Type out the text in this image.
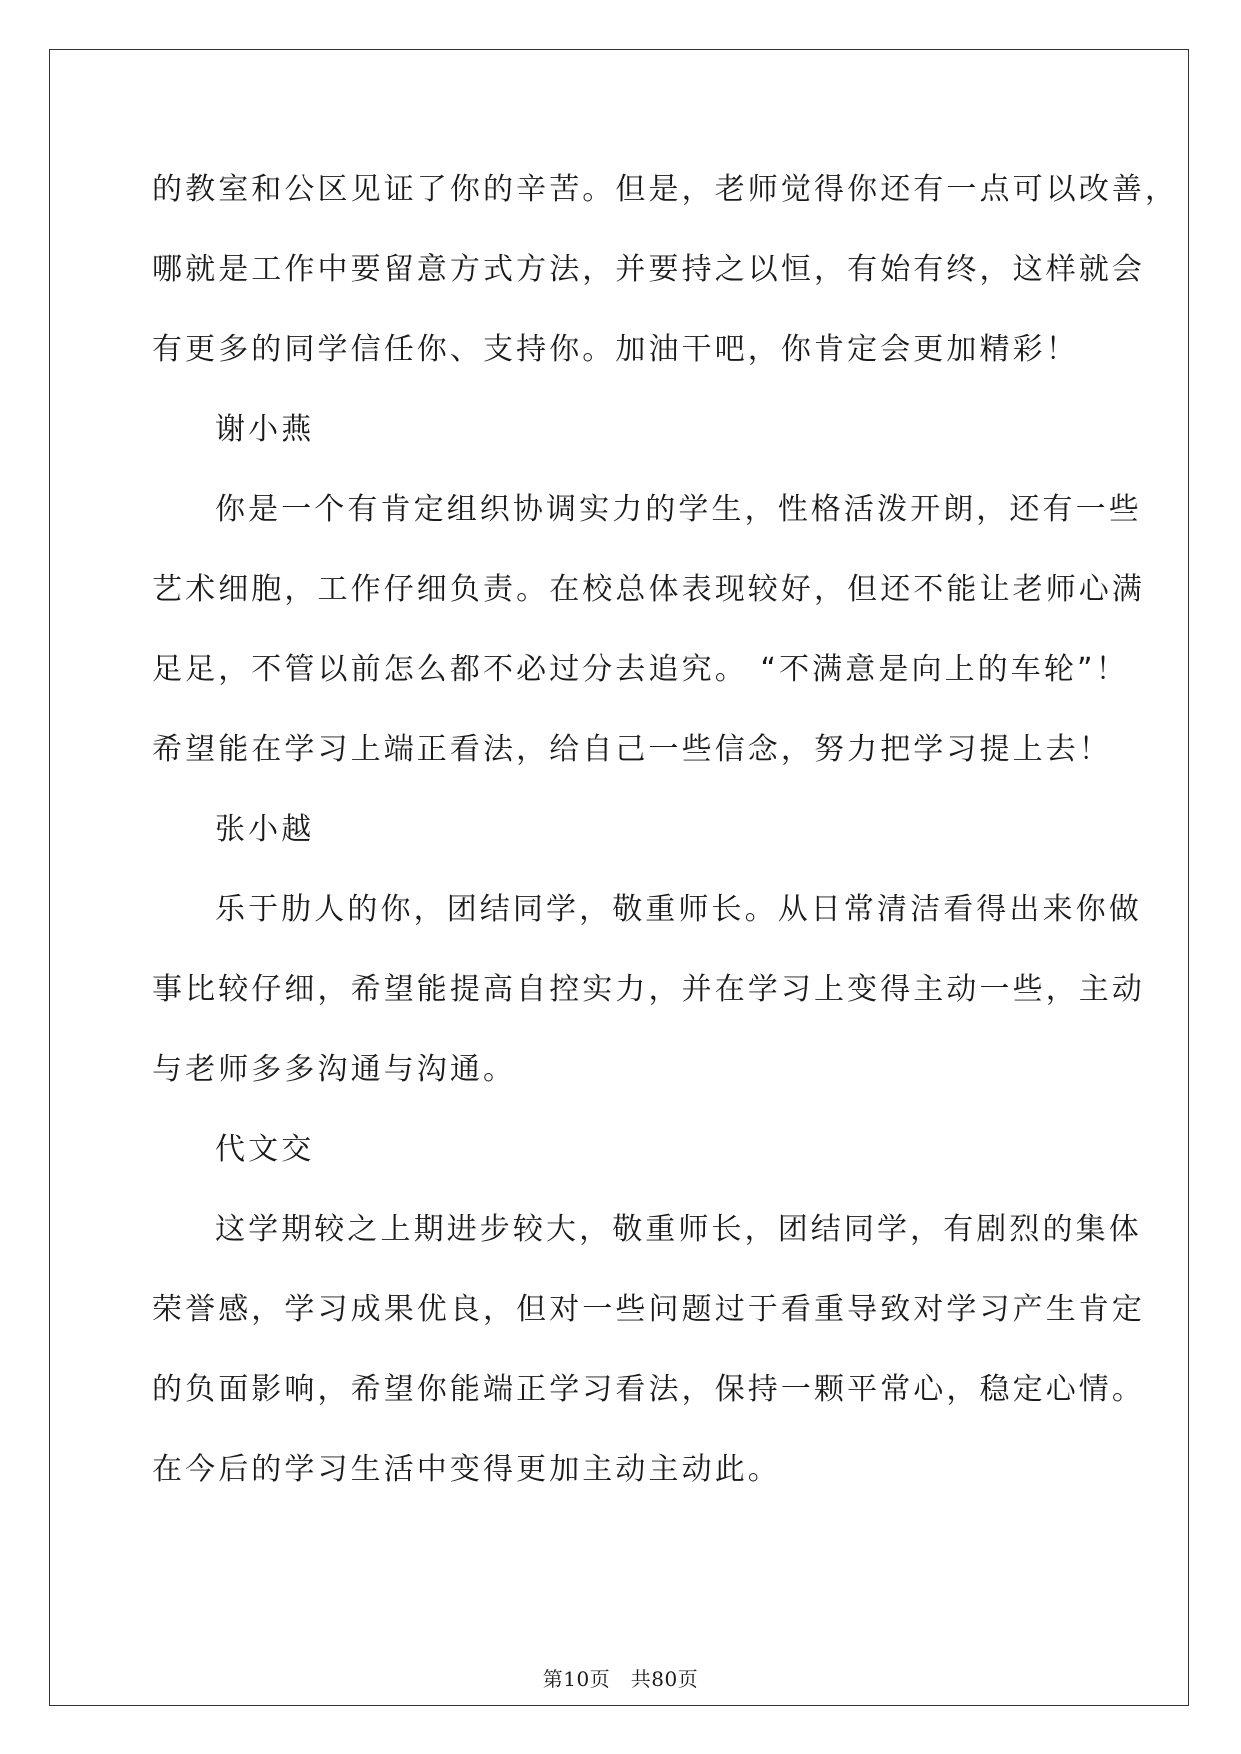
的教室和公区见证了你的辛苦。但是，老师觉得你还有一点可以改善，
哪就是工作中要留意方式方法，并要持之以恒，有始有终，这样就会
有更多的同学信任你、支持你。加油干吧，你肯定会更加精彩！
谢小燕
你是一个有肯定组织协调实力的学生，性格活泼开朗，还有一些
艺术细胞，工作仔细负责。在校总体表现较好，但还不能让老师心满
足足，不管以前怎么都不必过分去追究。 “不满意是向上的车轮”！
希望能在学习上端正看法，给自己一些信念，努力把学习提上去！
张小越
乐于肋人的你，团结同学，敬重师长。从日常清洁看得出来你做
事比较仔细，希望能提高自控实力，并在学习上变得主动一些，主动
与老师多多沟通与沟通。
代文交
这学期较之上期进步较大，敬重师长，团结同学，有剧烈的集体
荣誉感，学习成果优良，但对一些问题过于看重导致对学习产生肯定
的负面影响，希望你能端正学习看法，保持一颗平常心，稳定心情。
在今后的学习生活中变得更加主动主动此。
第10页   共80页
